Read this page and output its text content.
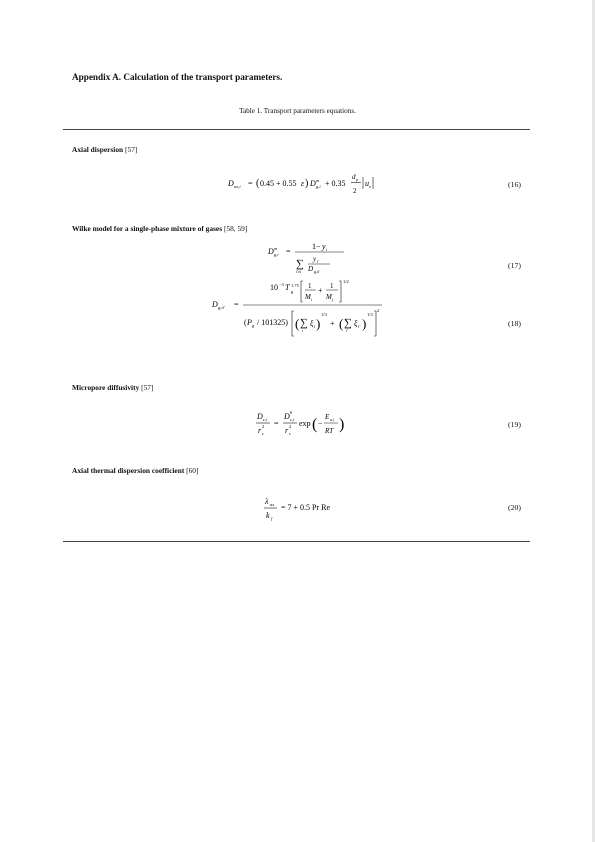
Appendix A. Calculation of the transport parameters.
Table 1. Transport parameters equations.
Axial dispersion [57]
D ax,i = ( 0.45 + 0.55 ε ) D m
g,i + 0.35
d p
2
u z	(16)
Wilke model for a single-phase mixture of gases [58, 59]
D m
g,i =
1− y i
∑
i'≠i
y i'
D g,ii'
(17)
10 −3 T 1.75
g
1
M i
+ 1
M j
1/2
D g,ii' =
( P g / 101325) ( ∑
i
ξ i )
1/3
+ ( ∑
i'
ξ i' )
1/3
2
(18)
Micropore diffusivity [57]
D c,i
r 2
c
=
D 0
c,i
r 2
c
exp ( −
E a,i
RT )	(19)
Axial thermal dispersion coefficient [60]
λ ax
k f
= 7 + 0.5 Pr Re	(20)
